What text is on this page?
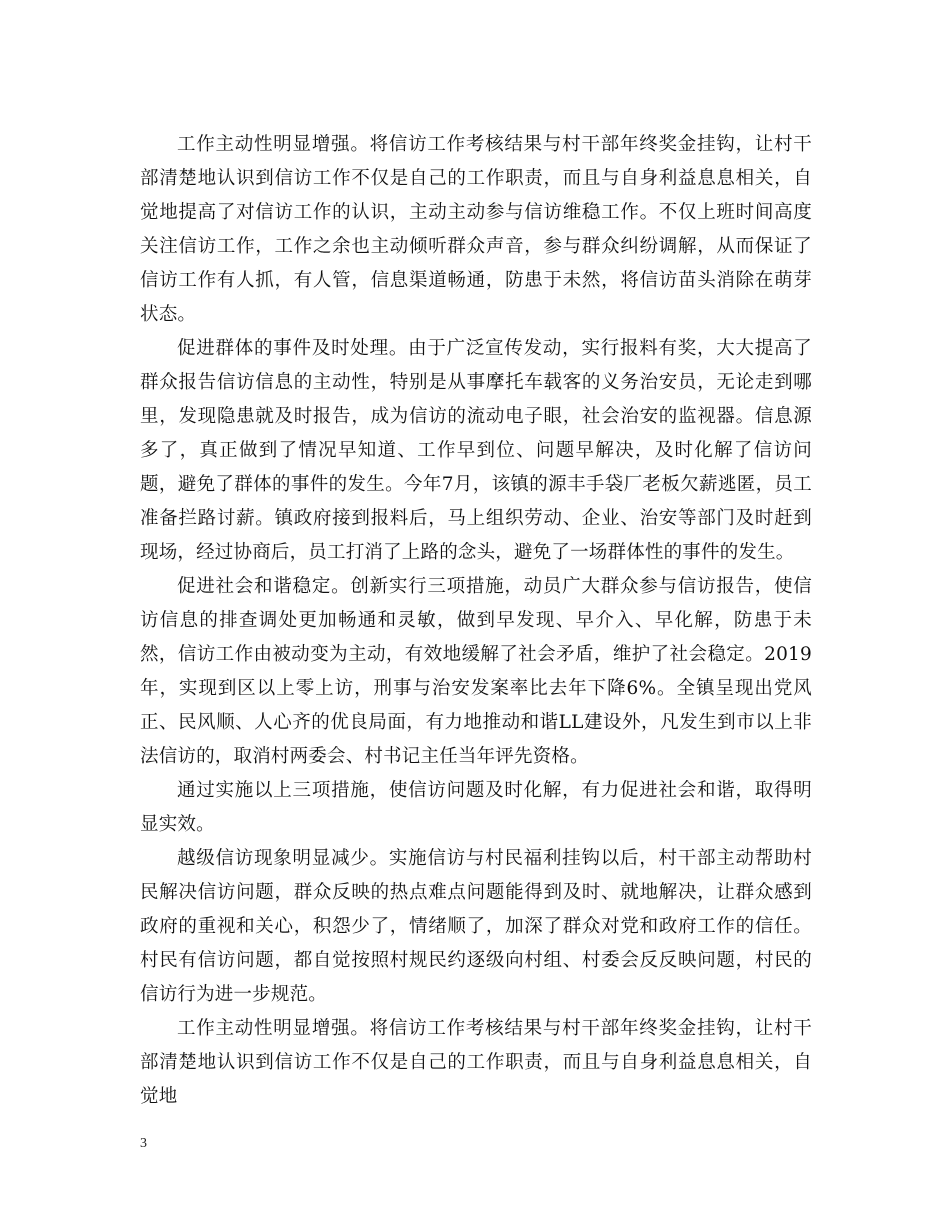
工作主动性明显增强。将信访工作考核结果与村干部年终奖金挂钩，让村干部清楚地认识到信访工作不仅是自己的工作职责，而且与自身利益息息相关，自觉地提高了对信访工作的认识，主动主动参与信访维稳工作。不仅上班时间高度关注信访工作，工作之余也主动倾听群众声音，参与群众纠纷调解，从而保证了信访工作有人抓，有人管，信息渠道畅通，防患于未然，将信访苗头消除在萌芽状态。

促进群体的事件及时处理。由于广泛宣传发动，实行报料有奖，大大提高了群众报告信访信息的主动性，特别是从事摩托车载客的义务治安员，无论走到哪里，发现隐患就及时报告，成为信访的流动电子眼，社会治安的监视器。信息源多了，真正做到了情况早知道、工作早到位、问题早解决，及时化解了信访问题，避免了群体的事件的发生。今年7月，该镇的源丰手袋厂老板欠薪逃匿，员工准备拦路讨薪。镇政府接到报料后，马上组织劳动、企业、治安等部门及时赶到现场，经过协商后，员工打消了上路的念头，避免了一场群体性的事件的发生。

促进社会和谐稳定。创新实行三项措施，动员广大群众参与信访报告，使信访信息的排查调处更加畅通和灵敏，做到早发现、早介入、早化解，防患于未然，信访工作由被动变为主动，有效地缓解了社会矛盾，维护了社会稳定。2019年，实现到区以上零上访，刑事与治安发案率比去年下降6%。全镇呈现出党风正、民风顺、人心齐的优良局面，有力地推动和谐LL建设外，凡发生到市以上非法信访的，取消村两委会、村书记主任当年评先资格。

通过实施以上三项措施，使信访问题及时化解，有力促进社会和谐，取得明显实效。

越级信访现象明显减少。实施信访与村民福利挂钩以后，村干部主动帮助村民解决信访问题，群众反映的热点难点问题能得到及时、就地解决，让群众感到政府的重视和关心，积怨少了，情绪顺了，加深了群众对党和政府工作的信任。村民有信访问题，都自觉按照村规民约逐级向村组、村委会反反映问题，村民的信访行为进一步规范。

工作主动性明显增强。将信访工作考核结果与村干部年终奖金挂钩，让村干部清楚地认识到信访工作不仅是自己的工作职责，而且与自身利益息息相关，自觉地

3
